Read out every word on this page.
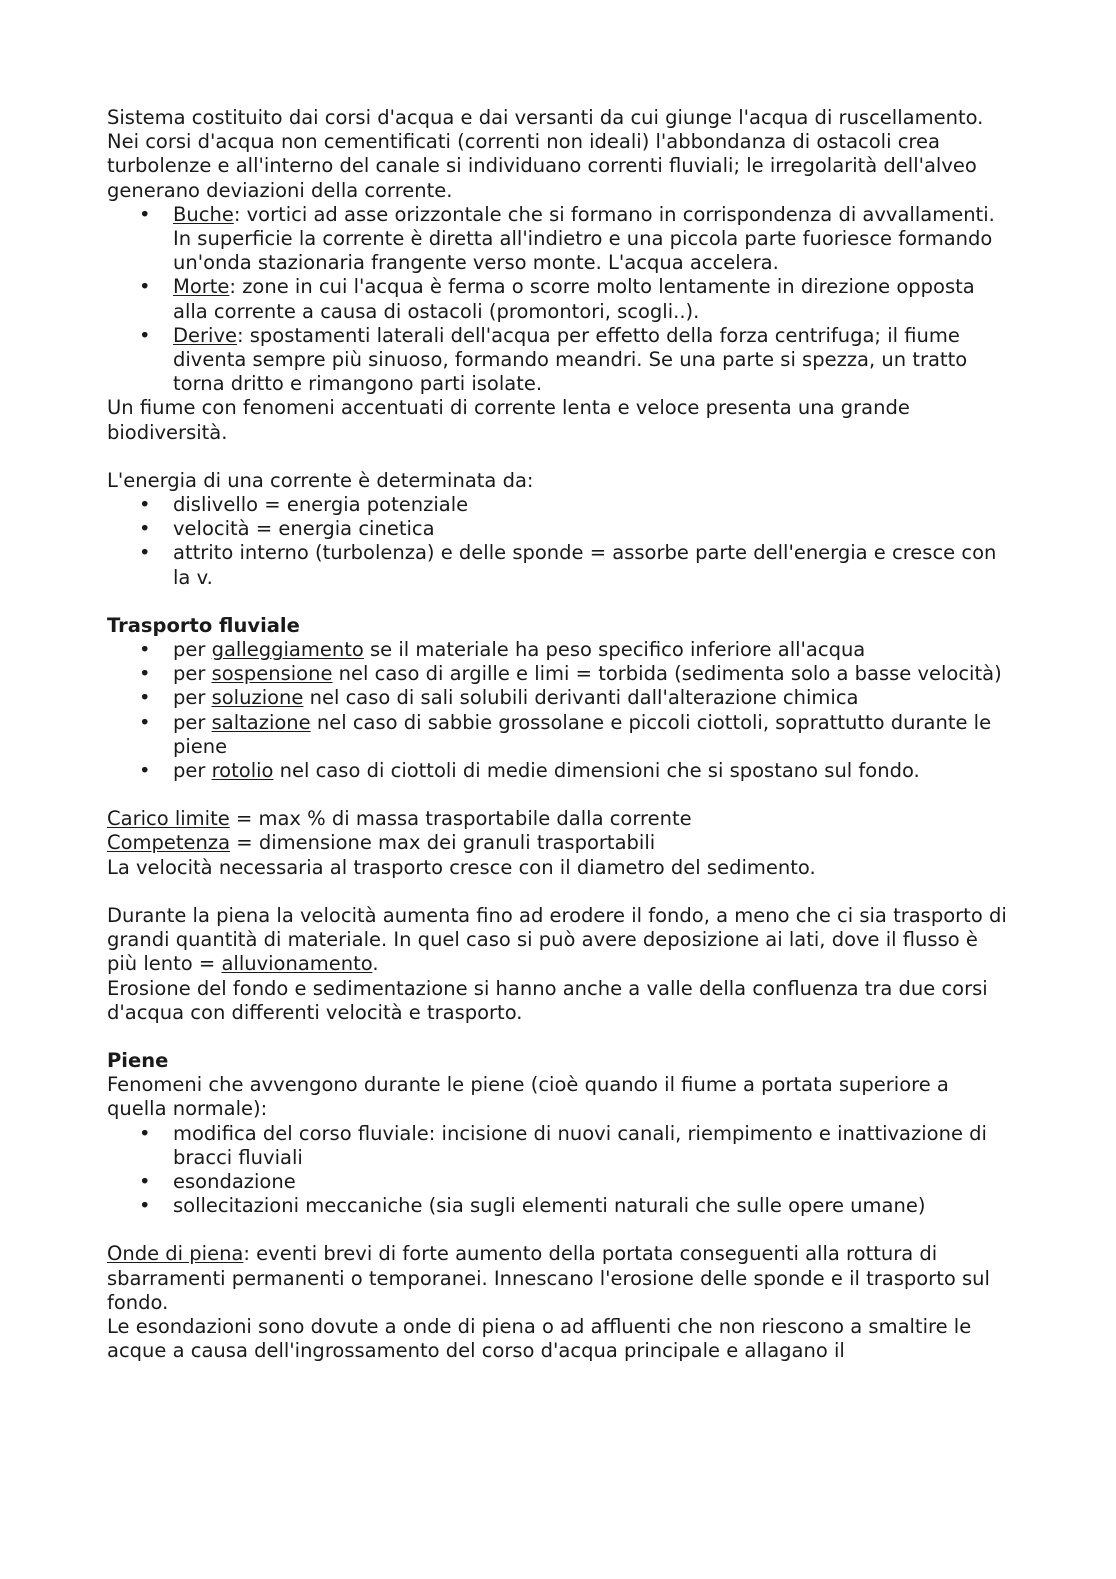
Sistema costituito dai corsi d'acqua e dai versanti da cui giunge l'acqua di ruscellamento.

Nei corsi d'acqua non cementificati (correnti non ideali) l'abbondanza di ostacoli crea turbolenze e all'interno del canale si individuano correnti fluviali; le irregolarità dell'alveo generano deviazioni della corrente.

• Buche: vortici ad asse orizzontale che si formano in corrispondenza di avvallamenti. In superficie la corrente è diretta all'indietro e una piccola parte fuoriesce formando un'onda stazionaria frangente verso monte. L'acqua accelera.
• Morte: zone in cui l'acqua è ferma o scorre molto lentamente in direzione opposta alla corrente a causa di ostacoli (promontori, scogli..).
• Derive: spostamenti laterali dell'acqua per effetto della forza centrifuga; il fiume diventa sempre più sinuoso, formando meandri. Se una parte si spezza, un tratto torna dritto e rimangono parti isolate.

Un fiume con fenomeni accentuati di corrente lenta e veloce presenta una grande biodiversità.

L'energia di una corrente è determinata da:

• dislivello = energia potenziale
• velocità = energia cinetica
• attrito interno (turbolenza) e delle sponde = assorbe parte dell'energia e cresce con la v.

Trasporto fluviale

• per galleggiamento se il materiale ha peso specifico inferiore all'acqua
• per sospensione nel caso di argille e limi = torbida (sedimenta solo a basse velocità)
• per soluzione nel caso di sali solubili derivanti dall'alterazione chimica
• per saltazione nel caso di sabbie grossolane e piccoli ciottoli, soprattutto durante le piene
• per rotolio nel caso di ciottoli di medie dimensioni che si spostano sul fondo.

Carico limite = max % di massa trasportabile dalla corrente

Competenza = dimensione max dei granuli trasportabili

La velocità necessaria al trasporto cresce con il diametro del sedimento.

Durante la piena la velocità aumenta fino ad erodere il fondo, a meno che ci sia trasporto di grandi quantità di materiale. In quel caso si può avere deposizione ai lati, dove il flusso è più lento = alluvionamento.

Erosione del fondo e sedimentazione si hanno anche a valle della confluenza tra due corsi d'acqua con differenti velocità e trasporto.

Piene

Fenomeni che avvengono durante le piene (cioè quando il fiume a portata superiore a quella normale):

• modifica del corso fluviale: incisione di nuovi canali, riempimento e inattivazione di bracci fluviali
• esondazione
• sollecitazioni meccaniche (sia sugli elementi naturali che sulle opere umane)

Onde di piena: eventi brevi di forte aumento della portata conseguenti alla rottura di sbarramenti permanenti o temporanei. Innescano l'erosione delle sponde e il trasporto sul fondo.

Le esondazioni sono dovute a onde di piena o ad affluenti che non riescono a smaltire le acque a causa dell'ingrossamento del corso d'acqua principale e allagano il
